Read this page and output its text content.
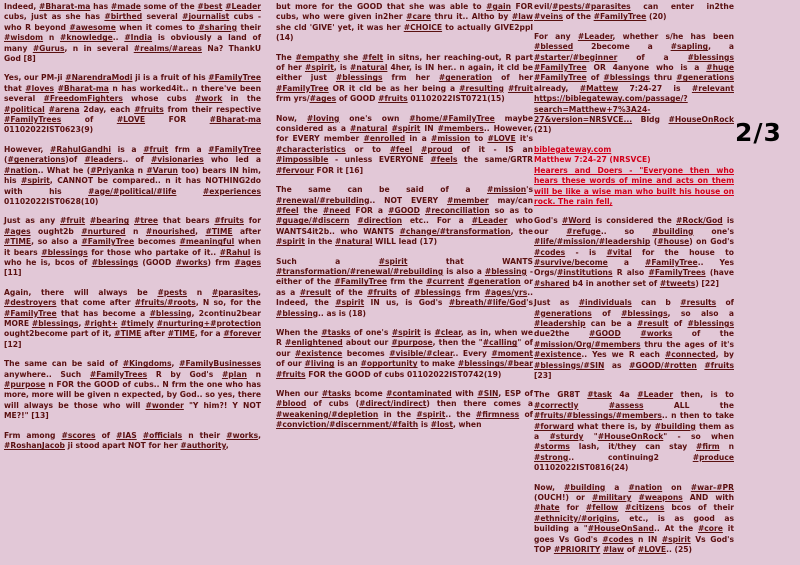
Indeed, #Bharat-ma has #made some of the #best #Leader cubs, just as she has #birthed several #journalist cubs - who R beyond #awesome when it comes to #sharing their #wisdom n #knowledge.. #India is obviously a land of many #Gurus, n in several #realms/#areas Na? ThankU God [8]

Yes, our PM-ji #NarendraModi ji is a fruit of his #FamilyTree that #loves #Bharat-ma n has worked4it.. n there've been several #FreedomFighters whose cubs #work in the #political #arena 2day, each #fruits from their respective #FamilyTrees of #LOVE FOR #Bharat-ma 01102022IST0623(9)

However, #RahulGandhi is a #fruit frm a #FamilyTree (#generations)of #leaders.. of #visionaries who led a #nation.. What he (#Priyanka n #Varun too) bears IN him, his #spirit, CANNOT be compared.. n it has NOTHING2do with his #age/#political/#life	#experiences 01102022IST0628(10)

Just as any #fruit #bearing #tree that bears #fruits for #ages ought2b #nurtured n #nourished, #TIME after #TIME, so also a #FamilyTree becomes #meaningful when it bears #blessings for those who partake of it.. #Rahul is who he is, bcos of #blessings (GOOD #works) frm #ages [11]

Again, there will always be #pests n #parasites, #destroyers that come after #fruits/#roots, N so, for the #FamilyTree that has become a #blessing, 2continu2bear MORE #blessings, #right+ #timely #nurturing+#protection ought2become part of it, #TIME after #TIME, for a #forever [12]

The same can be said of #Kingdoms, #FamilyBusinesses anywhere.. Such #FamilyTrees R by God's #plan n #purpose n FOR the GOOD of cubs.. N frm the one who has more, more will be given n expected, by God.. so yes, there will always be those who will #wonder "Y him?! Y NOT ME?!" [13]

Frm among #scores of #IAS #officials n their #works, #RoshanJacob ji stood apart NOT for her #authority,

but more for the GOOD that she was able to #gain FOR cubs, who were given in2her #care thru it.. Altho by #law she cld 'GIVE' yet, it was her #CHOICE to actually GIVE2ppl (14)

The #empathy she #felt in sitns, her reaching-out, R part of her #spirit, is #natural 4her, is IN her.. n again, it cld be either just #blessings frm her #generation of her #FamilyTree OR it cld be as her being a #resulting #fruit frm yrs/#ages of GOOD #fruits 01102022IST0721(15)

Now, #loving one's own #home/#FamilyTree maybe considered as a #natural #spirit IN #members.. However, for EVERY member #enrolled in a #mission to #LOVE it's #characteristics or to #feel #proud of it - IS an #impossible - unless EVERYONE #feels the same/GRTR #fervour FOR it [16]

The same can be said of a #mission's #renewal/#rebuilding.. NOT EVERY #member may/can #feel the #need FOR a #GOOD #reconciliation so as to #guage/#discern #direction etc.. For a #Leader who WANTS4it2b.. who WANTS #change/#transformation, the #spirit in the #natural WILL lead (17)

Such a #spirit that WANTS #transformation/#renewal/#rebuilding is also a #blessing - either of the #FamilyTree frm the #current #generation or as a #result of the #fruits of #blessings frm #ages/yrs.. Indeed, the #spirit IN us, is God's #breath/#life/God's #blessing.. as is (18)

When the #tasks of one's #spirit is #clear, as in, when we R #enlightened about our #purpose, then the "#calling" of our #existence becomes #visible/#clear.. Every #moment of our #living is an #opportunity to make #blessings/#bear #fruits FOR the GOOD of cubs 01102022IST0742(19)

When our #tasks bcome #contaminated with #SIN, ESP of #blood of cubs (#direct/indirect) then there comes a #weakening/#depletion in the #spirit.. the #firmness of #conviction/#discernment/#faith is #lost, when

evil/#pests/#parasites can enter in2the #veins of the #FamilyTree (20)

For any #Leader, whether s/he has been #blessed 2become a #sapling, a #starter/#beginner of a #blessings #FamilyTree OR 4anyone who is a #huge #FamilyTree of #blessings thru #generations already, #Mattew 7:24-27 is #relevant https://biblegateway.com/passage/?search=Matthew+7%3A24-27&version=NRSVCE... Bldg #HouseOnRock (21)

biblegateway.com
Matthew 7:24-27 (NRSVCE)
Hearers and Doers - "Everyone then who hears these words of mine and acts on them will be like a wise man who built his house on rock. The rain fell,

God's #Word is considered the #Rock/God is our #refuge.. so #building one's #life/#mission/#leadership (#house) on God's #codes - is #vital for the house to #survive/become a #FamilyTree.. Yes Orgs/#institutions R also #FamilyTrees (have #shared b4 in another set of #tweets) [22]

Just as #individuals can b #results of #generations of #blessings, so also a #leadership can be a #result of #blessings due2the #GOOD	#works of the #mission/Org/#members thru the ages of it's #existence.. Yes we R each #connected, by #blessings/#SIN as #GOOD/#rotten #fruits [23]

The GR8T #task 4a #Leader then, is to #correctly	#assess ALL the #fruits/#blessings/#members.. n then to take #forward what there is, by #building them as a #sturdy "#HouseOnRock" - so when #storms lash, it/they can stay #firm n #strong.. continuing2 #produce 01102022IST0816(24)

Now, #building a #nation on #war-#PR (OUCH!) or #military #weapons AND with #hate for #fellow #citizens bcos of their #ethnicity/#origins, etc., is as good as building a "#HouseOnSand.. At the #core it goes Vs God's #codes n IN #spirit Vs God's TOP #PRIORITY #law of #LOVE.. (25)

2/3
